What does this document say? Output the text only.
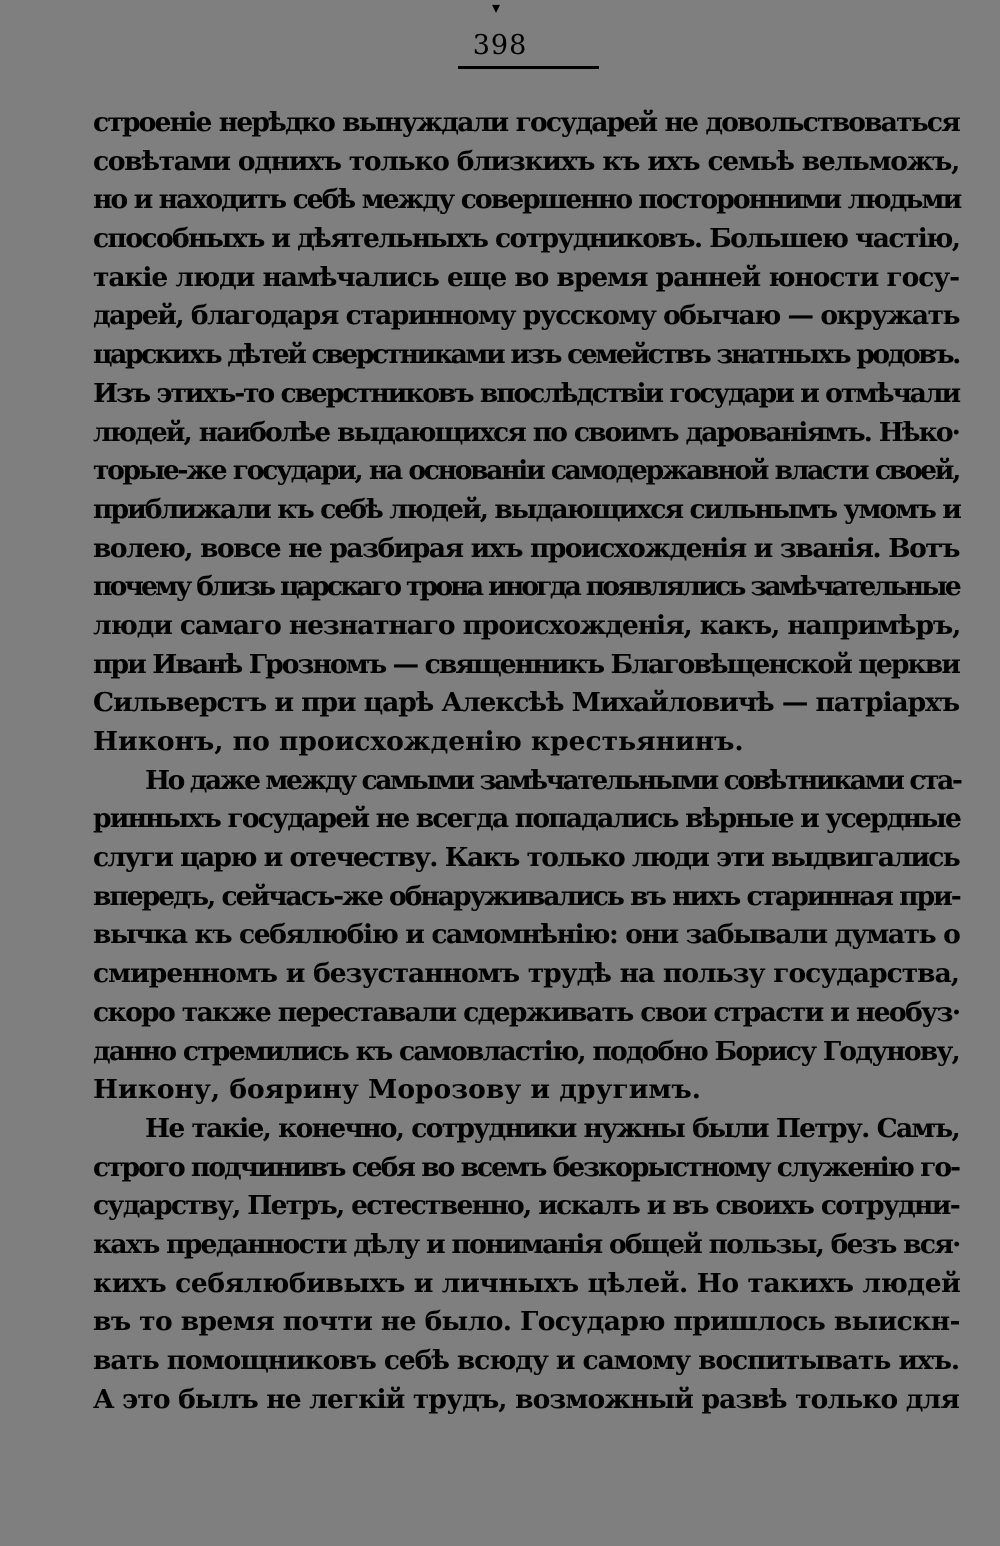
▾
398
строеніе нерѣдко вынуждали государей не довольствоваться
совѣтами однихъ только близкихъ къ ихъ семьѣ вельможъ,
но и находить себѣ между совершенно посторонними людьми
способныхъ и дѣятельныхъ сотрудниковъ. Большею частію,
такіе люди намѣчались еще во время ранней юности госу-
дарей, благодаря старинному русскому обычаю — окружать
царскихъ дѣтей сверстниками изъ семействъ знатныхъ родовъ.
Изъ этихъ-то сверстниковъ впослѣдствіи государи и отмѣчали
людей, наиболѣе выдающихся по своимъ дарованіямъ. Нѣко·
торые-же государи, на основаніи самодержавной власти своей,
приближали къ себѣ людей, выдающихся сильнымъ умомъ и
волею, вовсе не разбирая ихъ происхожденія и званія. Вотъ
почему близь царскаго трона иногда появлялись замѣчательные
люди самаго незнатнаго происхожденія, какъ, напримѣръ,
при Иванѣ Грозномъ — священникъ Благовѣщенской церкви
Сильверстъ и при царѣ Алексѣѣ Михайловичѣ — патріархъ
Никонъ, по происхожденію крестьянинъ.
Но даже между самыми замѣчательными совѣтниками ста-
ринныхъ государей не всегда попадались вѣрные и усердные
слуги царю и отечеству. Какъ только люди эти выдвигались
впередъ, сейчасъ-же обнаруживались въ нихъ старинная при-
вычка къ себялюбію и самомнѣнію: они забывали думать о
смиренномъ и безустанномъ трудѣ на пользу государства,
скоро также переставали сдерживать свои страсти и необуз·
данно стремились къ самовластію, подобно Борису Годунову,
Никону, боярину Морозову и другимъ.
Не такіе, конечно, сотрудники нужны были Петру. Самъ,
строго подчинивъ себя во всемъ безкорыстному служенію го-
сударству, Петръ, естественно, искалъ и въ своихъ сотрудни-
кахъ преданности дѣлу и пониманія общей пользы, безъ вся·
кихъ себялюбивыхъ и личныхъ цѣлей. Но такихъ людей
въ то время почти не было. Государю пришлось выискн-
вать помощниковъ себѣ всюду и самому воспитывать ихъ.
А это былъ не легкій трудъ, возможный развѣ только для
